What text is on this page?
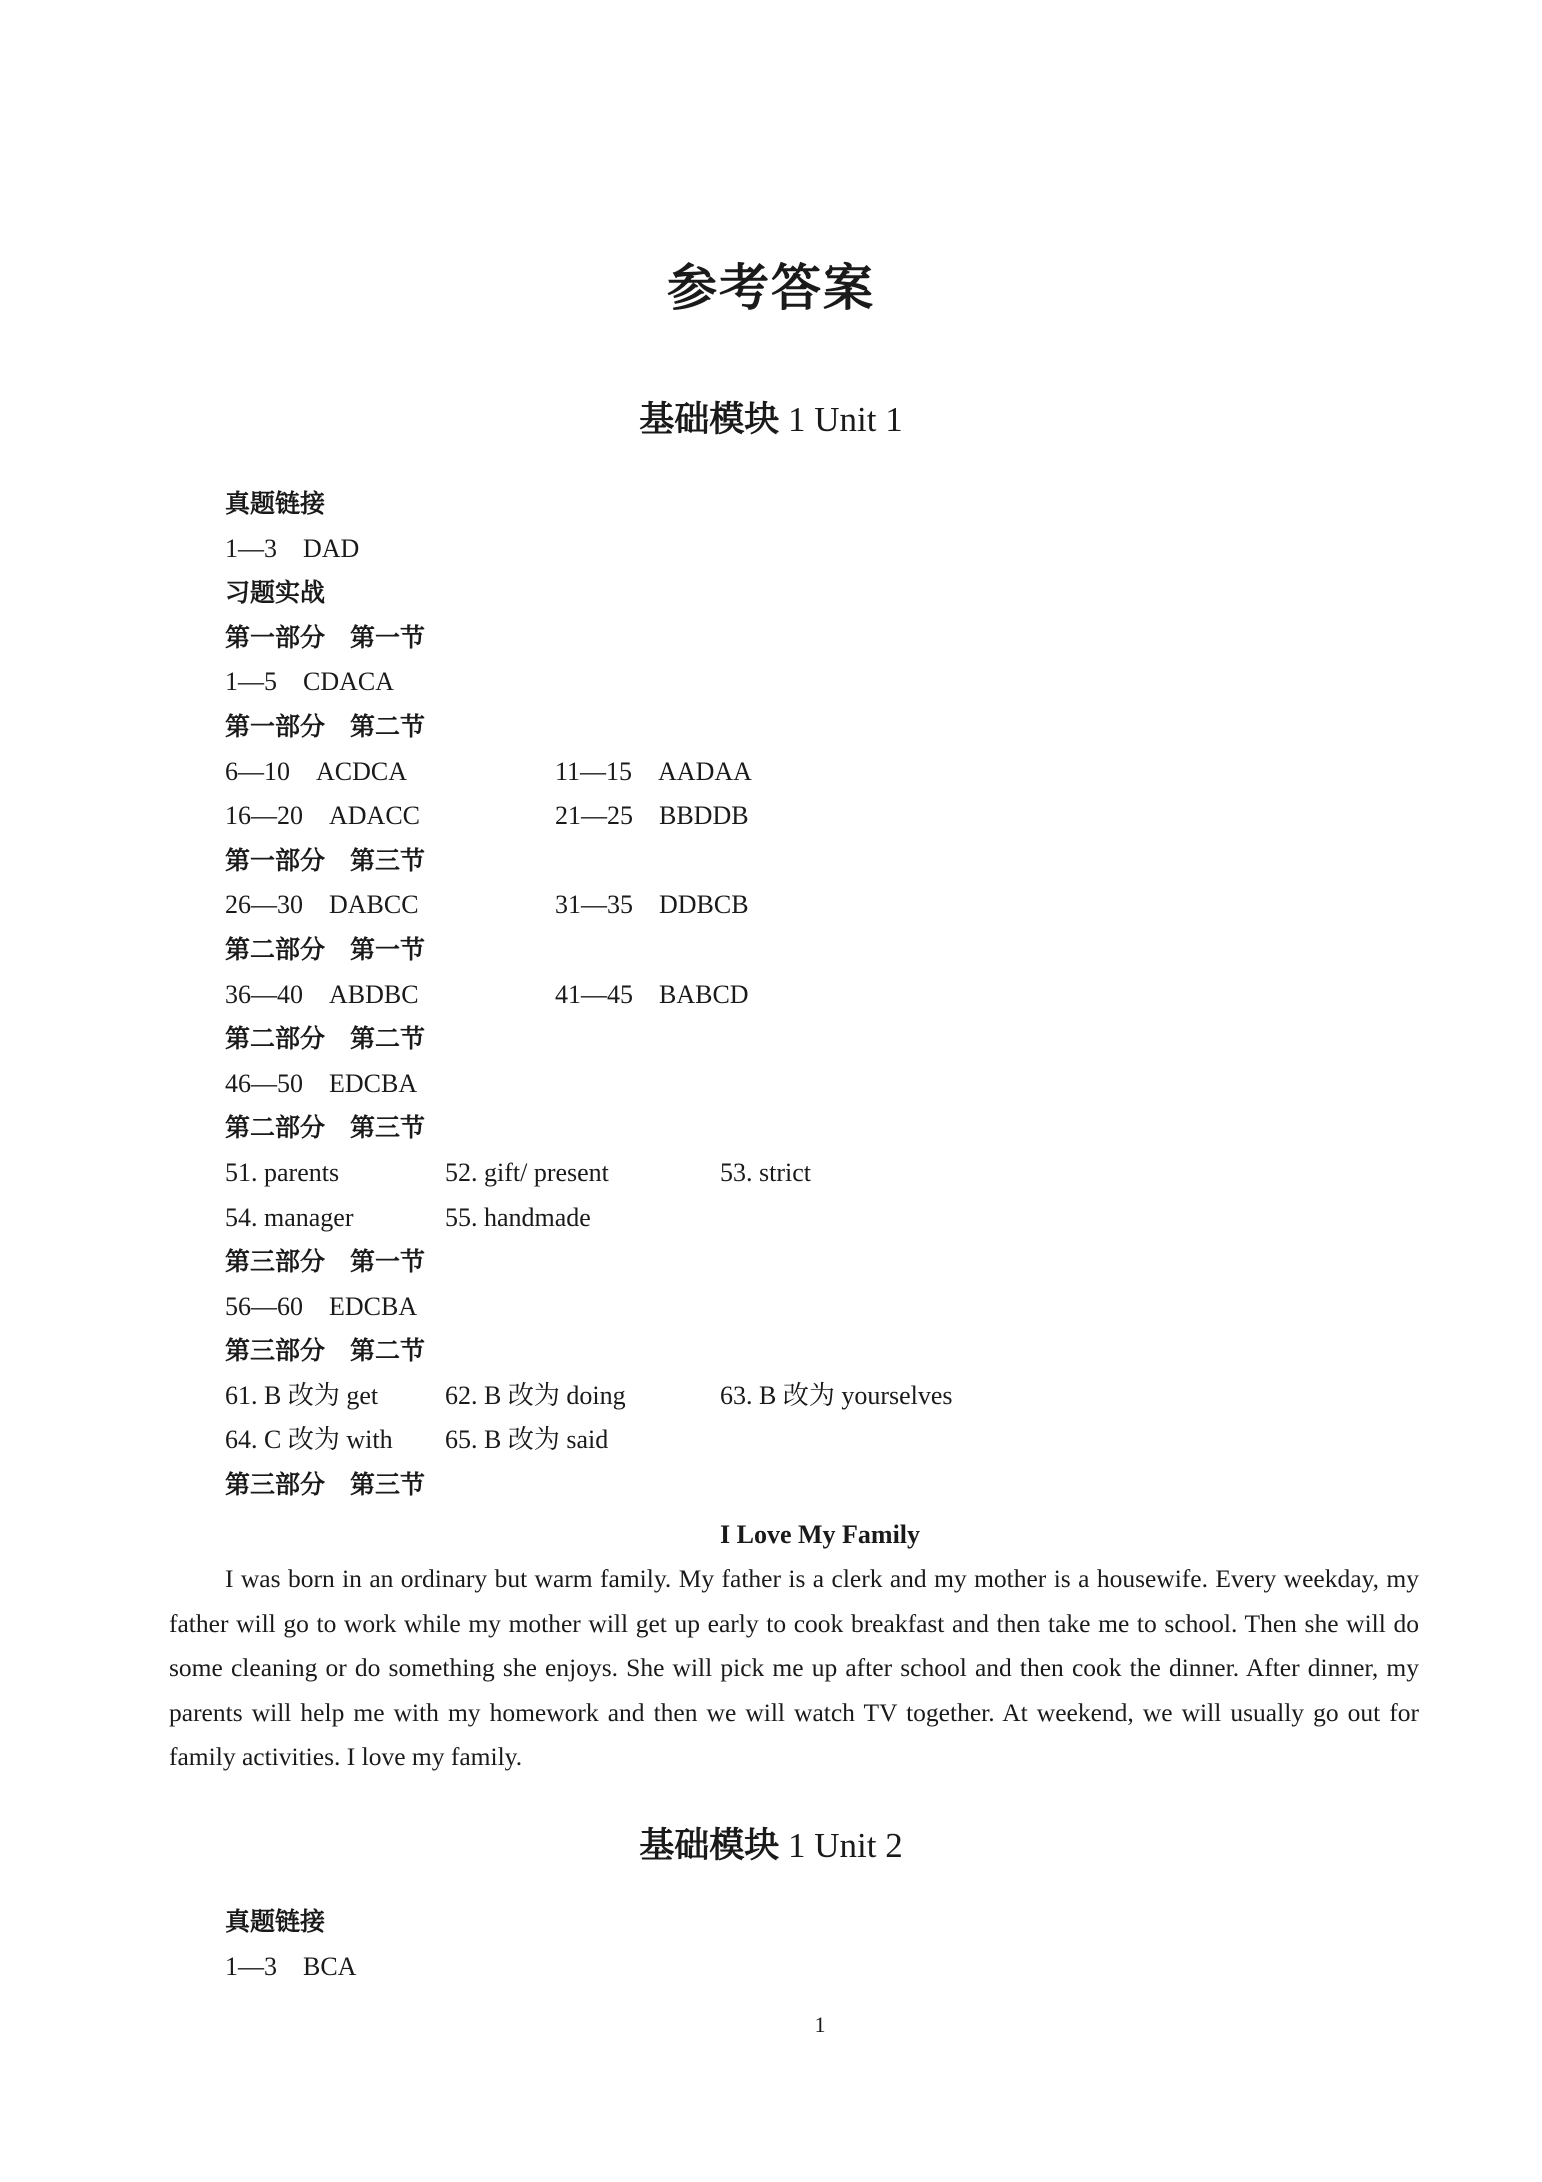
参考答案
基础模块 1 Unit 1
真题链接
1—3　DAD
习题实战
第一部分　第一节
1—5　CDACA
第一部分　第二节
6—10　ACDCA	11—15　AADAA
16—20　ADACC	21—25　BBDDB
第一部分　第三节
26—30　DABCC	31—35　DDBCB
第二部分　第一节
36—40　ABDBC	41—45　BABCD
第二部分　第二节
46—50　EDCBA
第二部分　第三节
51. parents	52. gift/ present	53. strict
54. manager	55. handmade
第三部分　第一节
56—60　EDCBA
第三部分　第二节
61. B 改为 get	62. B 改为 doing	63. B 改为 yourselves
64. C 改为 with 65. B 改为 said
第三部分　第三节
I Love My Family
I was born in an ordinary but warm family. My father is a clerk and my mother is a housewife. Every weekday, my father will go to work while my mother will get up early to cook breakfast and then take me to school. Then she will do some cleaning or do something she enjoys. She will pick me up after school and then cook the dinner. After dinner, my parents will help me with my homework and then we will watch TV together. At weekend, we will usually go out for family activities. I love my family.
基础模块 1 Unit 2
真题链接
1—3　BCA
1
